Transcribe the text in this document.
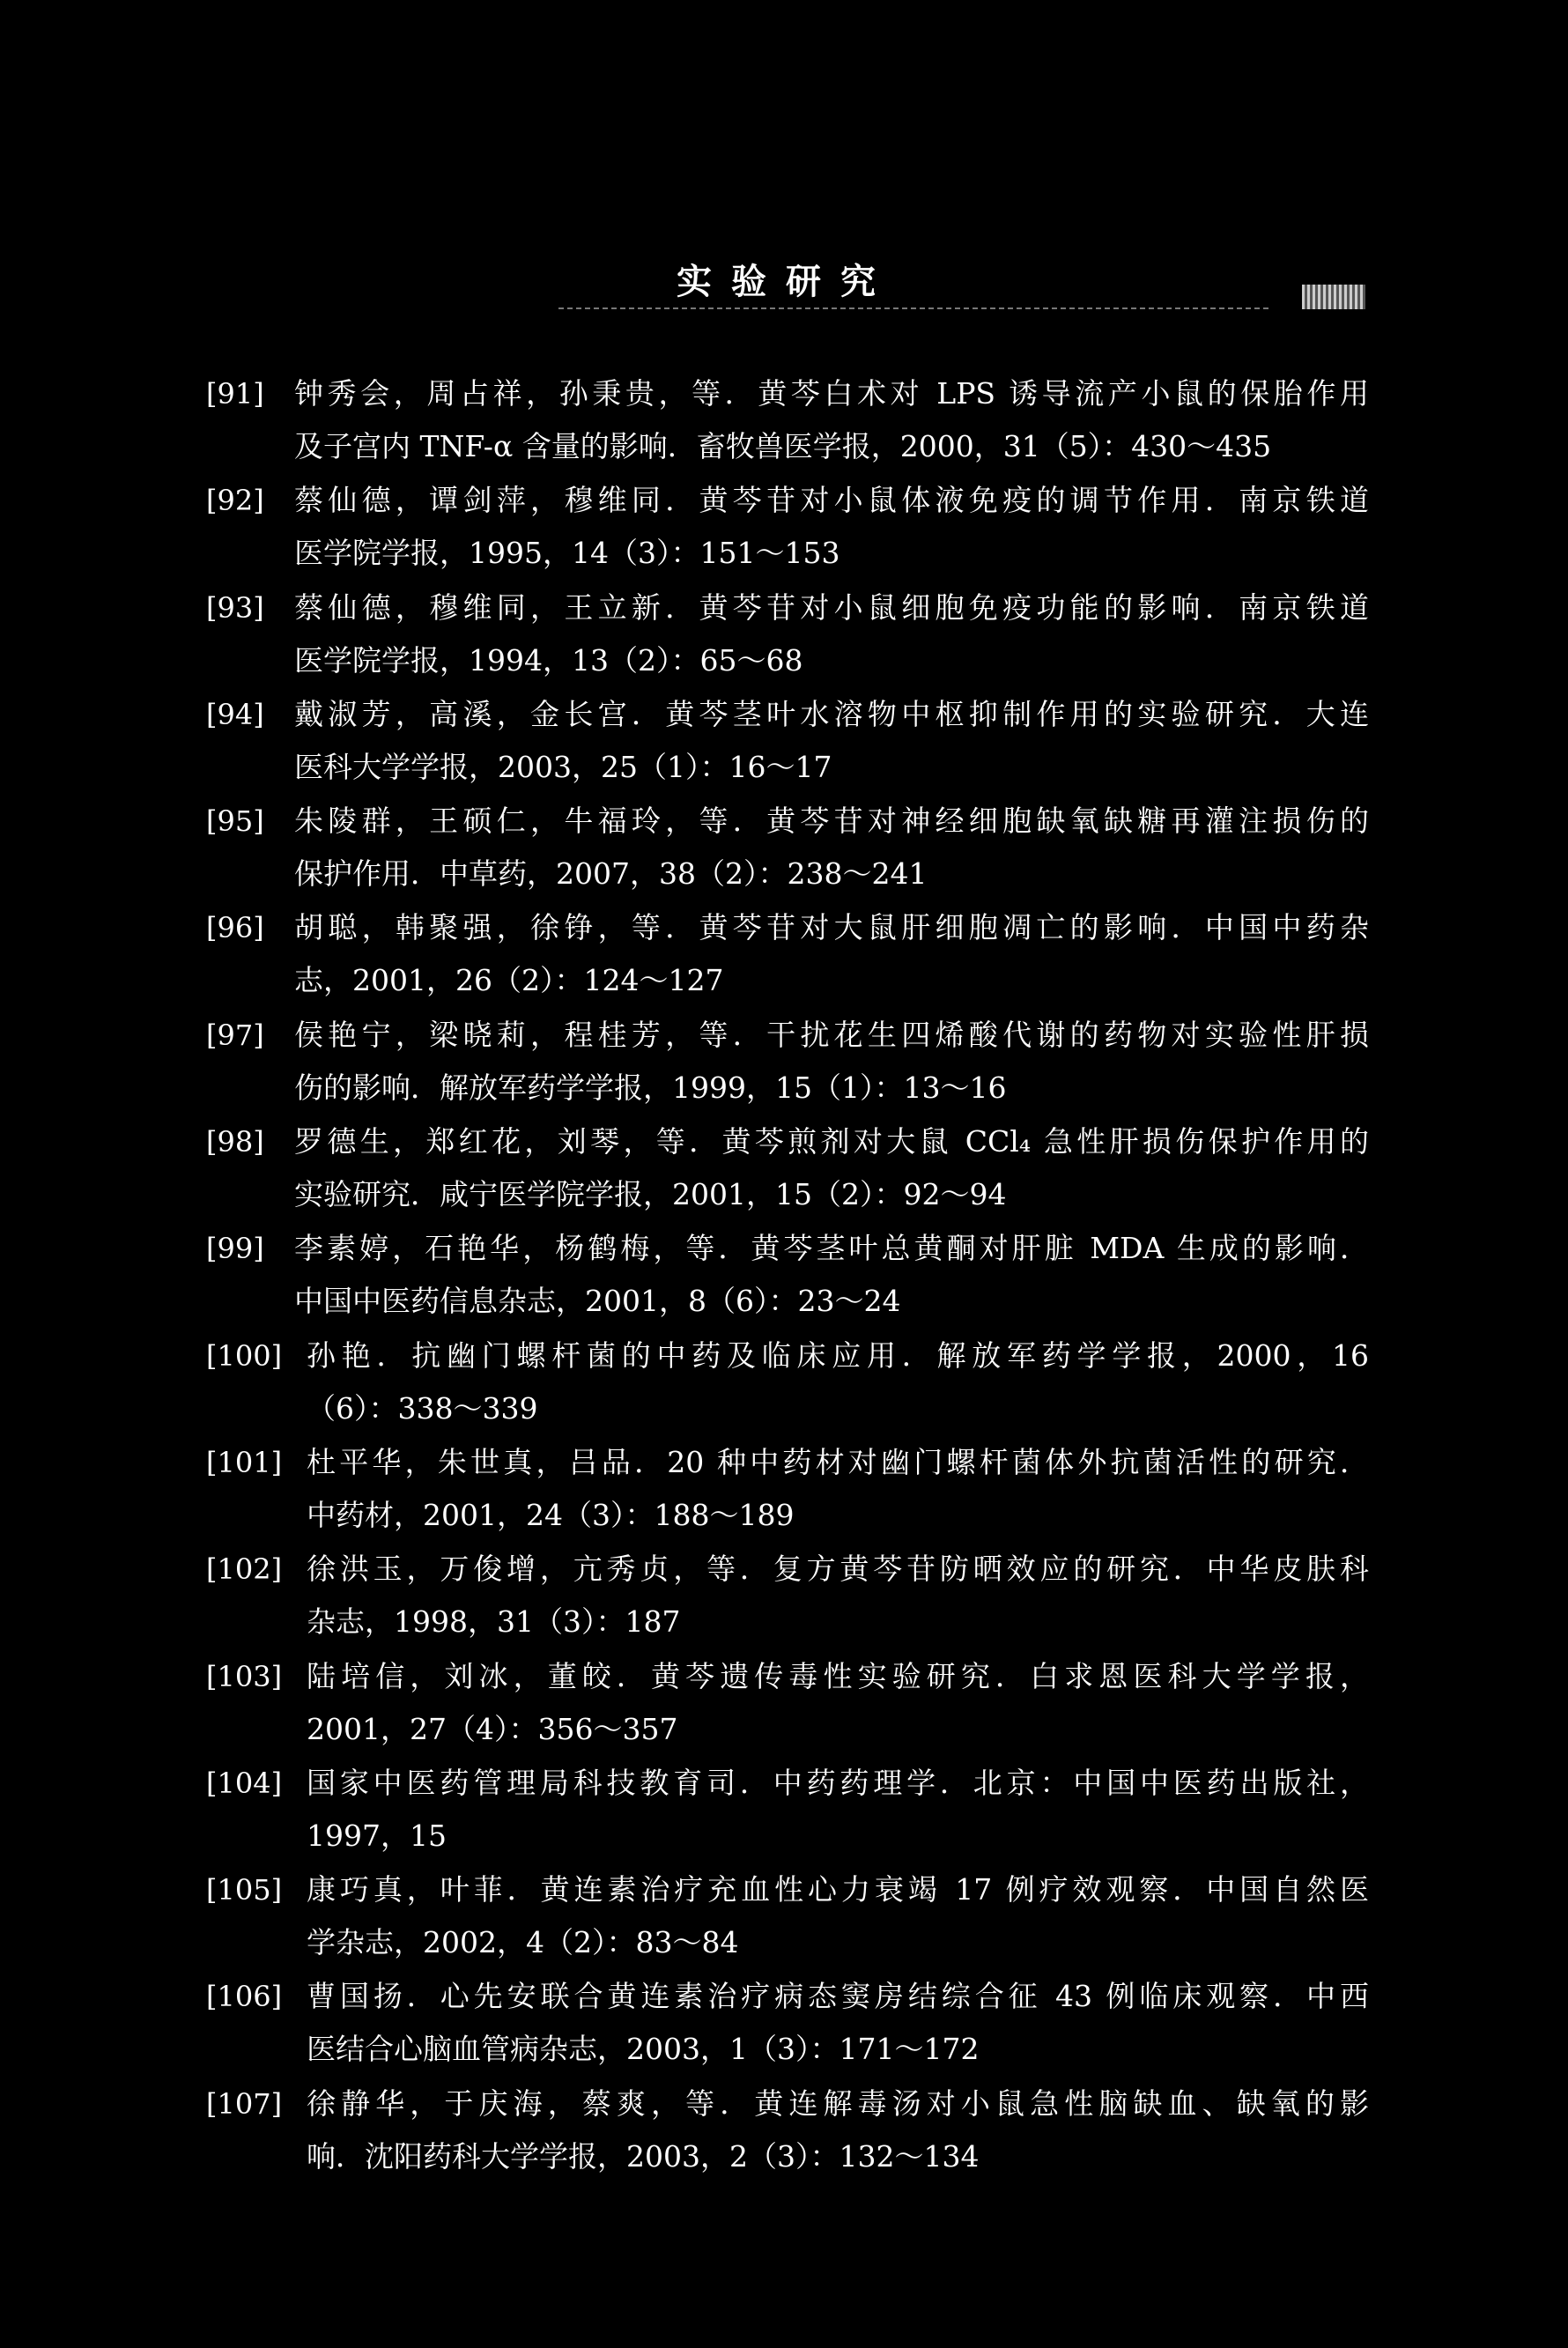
实验研究
[91] 钟秀会，周占祥，孙秉贵，等．黄芩白术对 LPS 诱导流产小鼠的保胎作用
及子宫内 TNF-α 含量的影响．畜牧兽医学报，2000，31（5）：430～435
[92] 蔡仙德，谭剑萍，穆维同．黄芩苷对小鼠体液免疫的调节作用．南京铁道
医学院学报，1995，14（3）：151～153
[93] 蔡仙德，穆维同，王立新．黄芩苷对小鼠细胞免疫功能的影响．南京铁道
医学院学报，1994，13（2）：65～68
[94] 戴淑芳，高溪，金长宫．黄芩茎叶水溶物中枢抑制作用的实验研究．大连
医科大学学报，2003，25（1）：16～17
[95] 朱陵群，王硕仁，牛福玲，等．黄芩苷对神经细胞缺氧缺糖再灌注损伤的
保护作用．中草药，2007，38（2）：238～241
[96] 胡聪，韩聚强，徐铮，等．黄芩苷对大鼠肝细胞凋亡的影响．中国中药杂
志，2001，26（2）：124～127
[97] 侯艳宁，梁晓莉，程桂芳，等．干扰花生四烯酸代谢的药物对实验性肝损
伤的影响．解放军药学学报，1999，15（1）：13～16
[98] 罗德生，郑红花，刘琴，等．黄芩煎剂对大鼠 CCl₄ 急性肝损伤保护作用的
实验研究．咸宁医学院学报，2001，15（2）：92～94
[99] 李素婷，石艳华，杨鹤梅，等．黄芩茎叶总黄酮对肝脏 MDA 生成的影响．
中国中医药信息杂志，2001，8（6）：23～24
[100] 孙艳．抗幽门螺杆菌的中药及临床应用．解放军药学学报，2000，16
（6）：338～339
[101] 杜平华，朱世真，吕品．20 种中药材对幽门螺杆菌体外抗菌活性的研究．
中药材，2001，24（3）：188～189
[102] 徐洪玉，万俊增，亢秀贞，等．复方黄芩苷防晒效应的研究．中华皮肤科
杂志，1998，31（3）：187
[103] 陆培信，刘冰，董皎．黄芩遗传毒性实验研究．白求恩医科大学学报，
2001，27（4）：356～357
[104] 国家中医药管理局科技教育司．中药药理学．北京：中国中医药出版社，
1997，15
[105] 康巧真，叶菲．黄连素治疗充血性心力衰竭 17 例疗效观察．中国自然医
学杂志，2002，4（2）：83～84
[106] 曹国扬．心先安联合黄连素治疗病态窦房结综合征 43 例临床观察．中西
医结合心脑血管病杂志，2003，1（3）：171～172
[107] 徐静华，于庆海，蔡爽，等．黄连解毒汤对小鼠急性脑缺血、缺氧的影
响．沈阳药科大学学报，2003，2（3）：132～134
